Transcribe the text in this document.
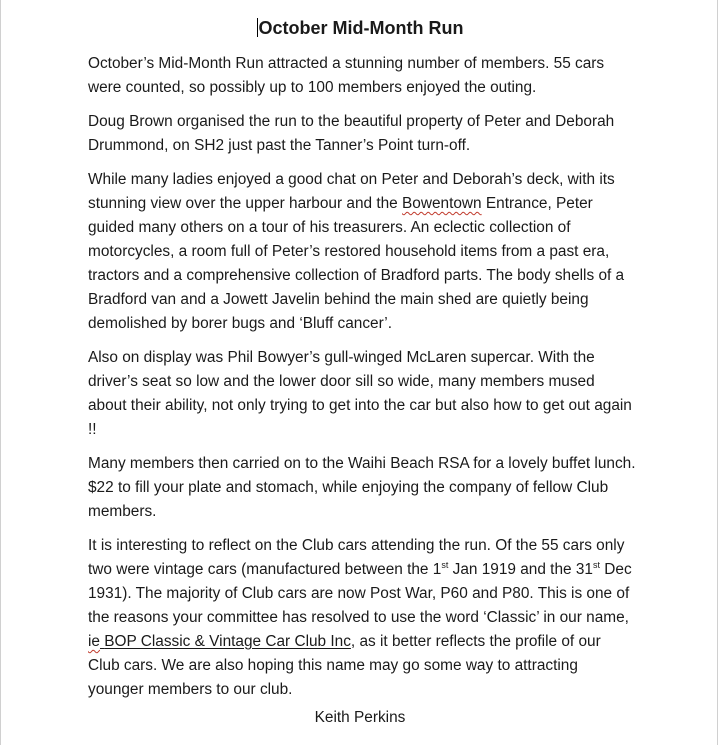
October Mid-Month Run

October’s Mid-Month Run attracted a stunning number of members. 55 cars were counted, so possibly up to 100 members enjoyed the outing.

Doug Brown organised the run to the beautiful property of Peter and Deborah Drummond, on SH2 just past the Tanner’s Point turn-off.

While many ladies enjoyed a good chat on Peter and Deborah’s deck, with its stunning view over the upper harbour and the Bowentown Entrance, Peter guided many others on a tour of his treasurers. An eclectic collection of motorcycles, a room full of Peter’s restored household items from a past era, tractors and a comprehensive collection of Bradford parts. The body shells of a Bradford van and a Jowett Javelin behind the main shed are quietly being demolished by borer bugs and ‘Bluff cancer’.

Also on display was Phil Bowyer’s gull-winged McLaren supercar. With the driver’s seat so low and the lower door sill so wide, many members mused about their ability, not only trying to get into the car but also how to get out again !!

Many members then carried on to the Waihi Beach RSA for a lovely buffet lunch. $22 to fill your plate and stomach, while enjoying the company of fellow Club members.

It is interesting to reflect on the Club cars attending the run. Of the 55 cars only two were vintage cars (manufactured between the 1st Jan 1919 and the 31st Dec 1931). The majority of Club cars are now Post War, P60 and P80. This is one of the reasons your committee has resolved to use the word ‘Classic’ in our name, ie BOP Classic & Vintage Car Club Inc, as it better reflects the profile of our Club cars. We are also hoping this name may go some way to attracting younger members to our club.

Keith Perkins
